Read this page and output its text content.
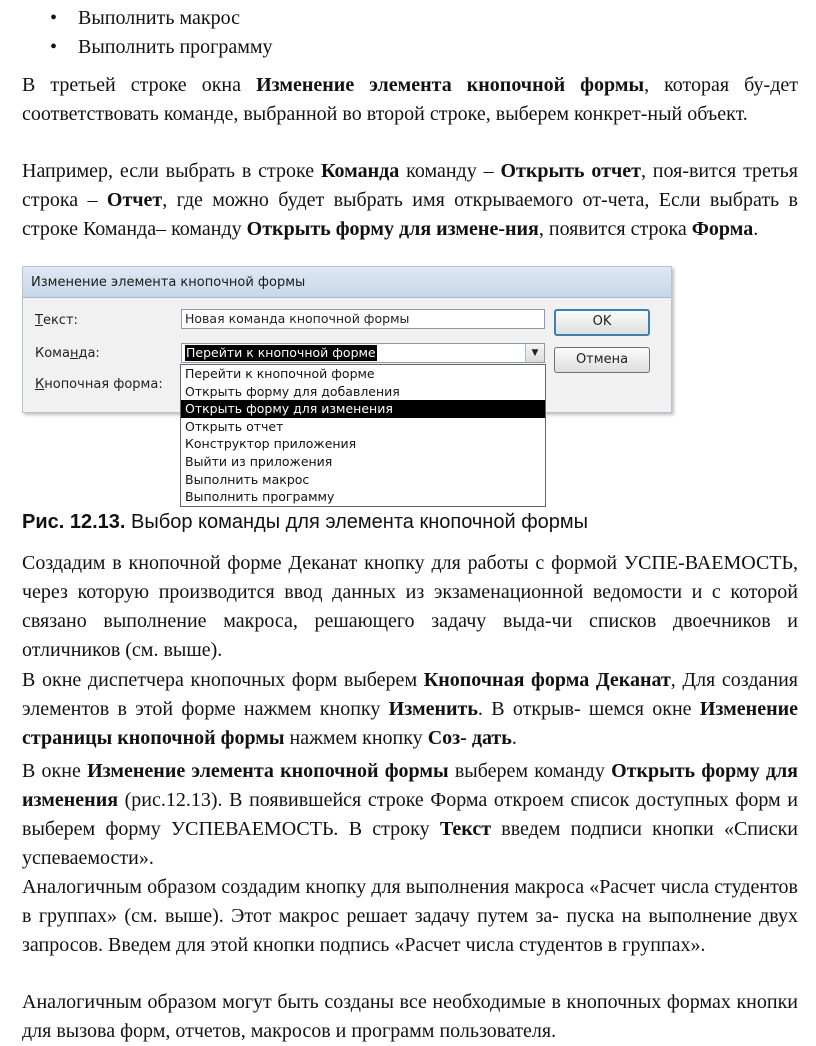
• Выполнить макрос
• Выполнить программу

В третьей строке окна Изменение элемента кнопочной формы, которая бу-дет соответствовать команде, выбранной во второй строке, выберем конкрет-ный объект.

Например, если выбрать в строке Команда команду – Открыть отчет, поя-вится третья строка – Отчет, где можно будет выбрать имя открываемого от-чета, Если выбрать в строке Команда– команду Открыть форму для измене-ния, появится строка Форма.

Изменение элемента кнопочной формы
Текст:
Команда:
Кнопочная форма:
Новая команда кнопочной формы
Перейти к кнопочной форме	▼
OK
Отмена
Перейти к кнопочной форме
Открыть форму для добавления
Открыть форму для изменения
Открыть отчет
Конструктор приложения
Выйти из приложения
Выполнить макрос
Выполнить программу
Рис. 12.13. Выбор команды для элемента кнопочной формы

Создадим в кнопочной форме Деканат кнопку для работы с формой УСПЕ-ВАЕМОСТЬ, через которую производится ввод данных из экзаменационной ведомости и с которой связано выполнение макроса, решающего задачу выда-чи списков двоечников и отличников (см. выше).

В окне диспетчера кнопочных форм выберем Кнопочная форма Деканат, Для создания элементов в этой форме нажмем кнопку Изменить. В открыв- шемся окне Изменение страницы кнопочной формы нажмем кнопку Соз- дать.

В окне Изменение элемента кнопочной формы выберем команду Открыть форму для изменения (рис.12.13). В появившейся строке Форма откроем список доступных форм и выберем форму УСПЕВАЕМОСТЬ. В строку Текст введем подписи кнопки «Списки успеваемости».

Аналогичным образом создадим кнопку для выполнения макроса «Расчет числа студентов в группах» (см. выше). Этот макрос решает задачу путем за- пуска на выполнение двух запросов. Введем для этой кнопки подпись «Расчет числа студентов в группах».

Аналогичным образом могут быть созданы все необходимые в кнопочных формах кнопки для вызова форм, отчетов, макросов и программ пользователя.
